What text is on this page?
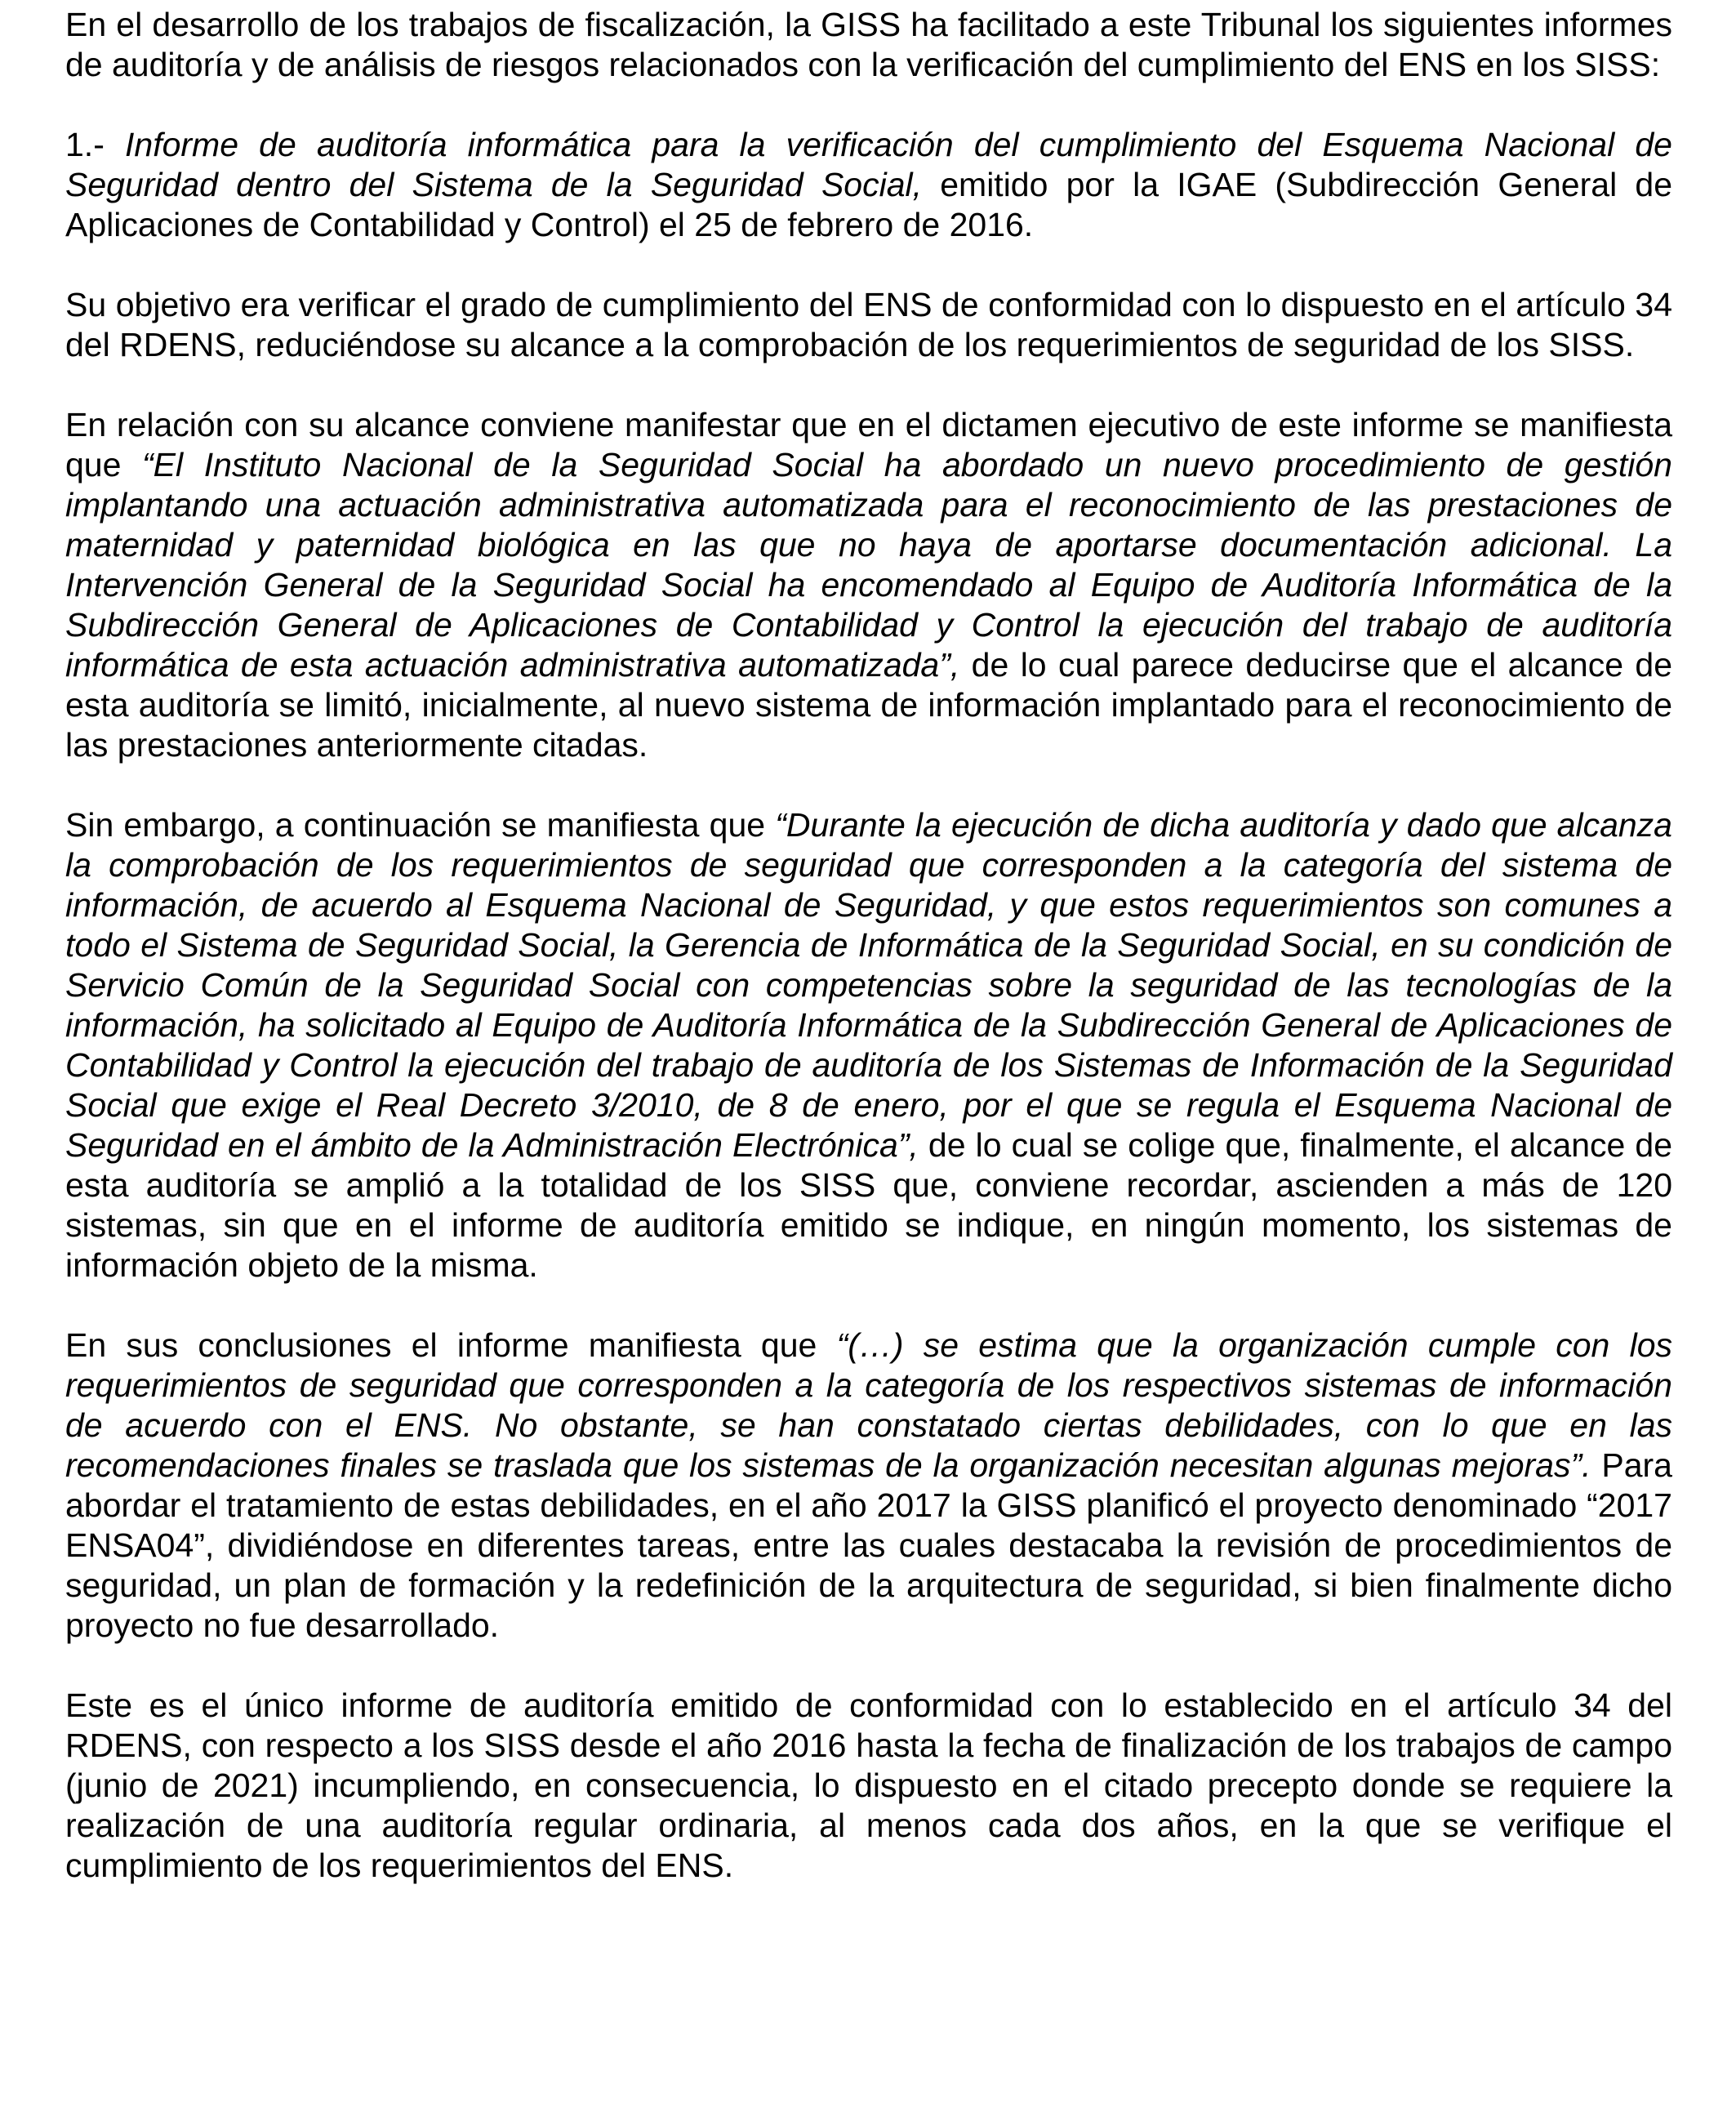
En el desarrollo de los trabajos de fiscalización, la GISS ha facilitado a este Tribunal los siguientes informes de auditoría y de análisis de riesgos relacionados con la verificación del cumplimiento del ENS en los SISS:

1.- Informe de auditoría informática para la verificación del cumplimiento del Esquema Nacional de Seguridad dentro del Sistema de la Seguridad Social, emitido por la IGAE (Subdirección General de Aplicaciones de Contabilidad y Control) el 25 de febrero de 2016.

Su objetivo era verificar el grado de cumplimiento del ENS de conformidad con lo dispuesto en el artículo 34 del RDENS, reduciéndose su alcance a la comprobación de los requerimientos de seguridad de los SISS.

En relación con su alcance conviene manifestar que en el dictamen ejecutivo de este informe se manifiesta que “El Instituto Nacional de la Seguridad Social ha abordado un nuevo procedimiento de gestión implantando una actuación administrativa automatizada para el reconocimiento de las prestaciones de maternidad y paternidad biológica en las que no haya de aportarse documentación adicional. La Intervención General de la Seguridad Social ha encomendado al Equipo de Auditoría Informática de la Subdirección General de Aplicaciones de Contabilidad y Control la ejecución del trabajo de auditoría informática de esta actuación administrativa automatizada”, de lo cual parece deducirse que el alcance de esta auditoría se limitó, inicialmente, al nuevo sistema de información implantado para el reconocimiento de las prestaciones anteriormente citadas.

Sin embargo, a continuación se manifiesta que “Durante la ejecución de dicha auditoría y dado que alcanza la comprobación de los requerimientos de seguridad que corresponden a la categoría del sistema de información, de acuerdo al Esquema Nacional de Seguridad, y que estos requerimientos son comunes a todo el Sistema de Seguridad Social, la Gerencia de Informática de la Seguridad Social, en su condición de Servicio Común de la Seguridad Social con competencias sobre la seguridad de las tecnologías de la información, ha solicitado al Equipo de Auditoría Informática de la Subdirección General de Aplicaciones de Contabilidad y Control la ejecución del trabajo de auditoría de los Sistemas de Información de la Seguridad Social que exige el Real Decreto 3/2010, de 8 de enero, por el que se regula el Esquema Nacional de Seguridad en el ámbito de la Administración Electrónica”, de lo cual se colige que, finalmente, el alcance de esta auditoría se amplió a la totalidad de los SISS que, conviene recordar, ascienden a más de 120 sistemas, sin que en el informe de auditoría emitido se indique, en ningún momento, los sistemas de información objeto de la misma.

En sus conclusiones el informe manifiesta que “(…) se estima que la organización cumple con los requerimientos de seguridad que corresponden a la categoría de los respectivos sistemas de información de acuerdo con el ENS. No obstante, se han constatado ciertas debilidades, con lo que en las recomendaciones finales se traslada que los sistemas de la organización necesitan algunas mejoras”. Para abordar el tratamiento de estas debilidades, en el año 2017 la GISS planificó el proyecto denominado “2017 ENSA04”, dividiéndose en diferentes tareas, entre las cuales destacaba la revisión de procedimientos de seguridad, un plan de formación y la redefinición de la arquitectura de seguridad, si bien finalmente dicho proyecto no fue desarrollado.

Este es el único informe de auditoría emitido de conformidad con lo establecido en el artículo 34 del RDENS, con respecto a los SISS desde el año 2016 hasta la fecha de finalización de los trabajos de campo (junio de 2021) incumpliendo, en consecuencia, lo dispuesto en el citado precepto donde se requiere la realización de una auditoría regular ordinaria, al menos cada dos años, en la que se verifique el cumplimiento de los requerimientos del ENS.
